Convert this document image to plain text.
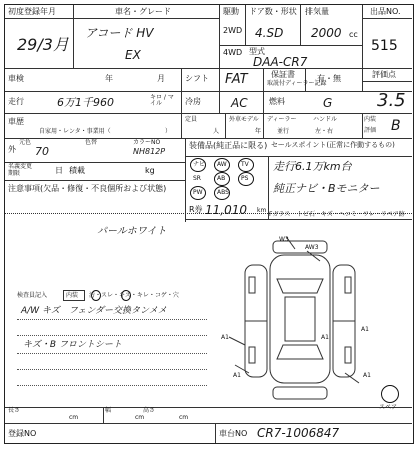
初度登録年月
29/3月
車名・グレード
アコード HV
EX
駆動
2WD
4WD
ドア数・形状
4.SD
排気量
2000 cc
型式
DAA-CR7
出品NO.
515
車検	年	月	シフト FAT	保証書
取説付ディーラー記録
有・無	評価点
3.5
走行	6万1千960	キロ / マイル	冷房	AC	燃料	G
車歴
自家用・レンタ・事業用（	）
定員
人
外車モデル
年
ディーラー
並行
ハンドル
左・右
内装
評価 B
外
元色
70
色替	カラーNO
NH812P
積載	kg
名義変更
期限	日
注意事項(欠品・修復・不良個所および状態)
パールホワイト
装備品(純正品に限る)
ナビ AW TV
SR	AB	PS
PW ABS
R券 11,010 km
セールスポイント(正常に作動するもの)
走行6.1万km台
純正ナビ・Bモニター
Fガラス トビ石・キズ・ヘコミ・ワレ・リペア跡
検査員記入	内装 汚・スレ・キズ・キレ・コゲ・穴
A/W キズ　フェンダー交換タンメメ
キズ・B フロントシート
W3
AW3
A1
A1	A1
A1
A1
スペア
長さ
cm
幅
cm
高さ
cm
登録NO	車台NO CR7-1006847
